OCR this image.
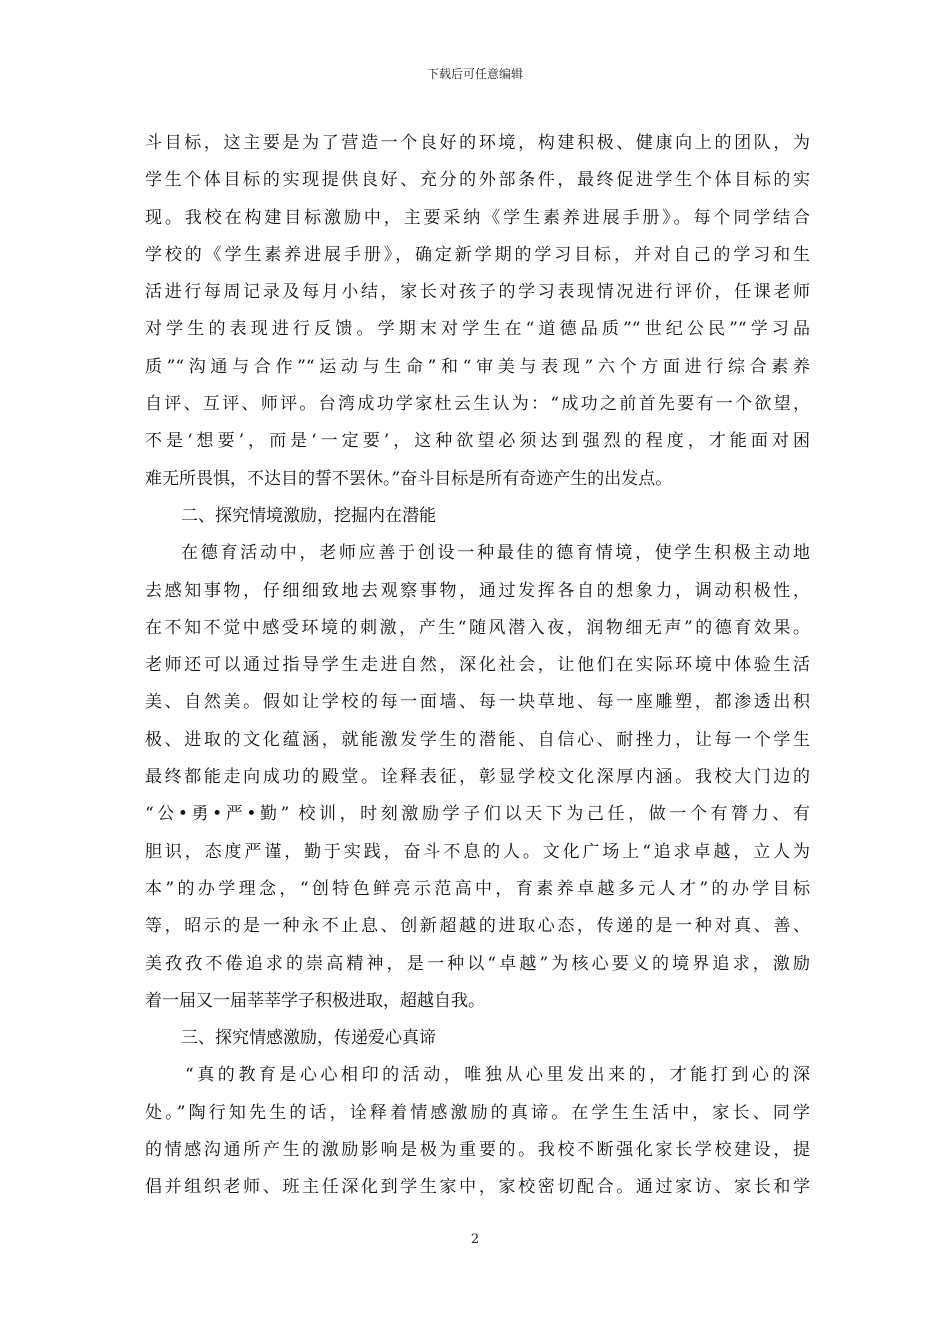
下载后可任意编辑
斗目标，这主要是为了营造一个良好的环境，构建积极、健康向上的团队，为
学生个体目标的实现提供良好、充分的外部条件，最终促进学生个体目标的实
现。我校在构建目标激励中，主要采纳《学生素养进展手册》。每个同学结合
学校的《学生素养进展手册》，确定新学期的学习目标，并对自己的学习和生
活进行每周记录及每月小结，家长对孩子的学习表现情况进行评价，任课老师
对学生的表现进行反馈。学期末对学生在“道德品质”“世纪公民”“学习品
质”“沟通与合作”“运动与生命”和“审美与表现”六个方面进行综合素养
自评、互评、师评。台湾成功学家杜云生认为：“成功之前首先要有一个欲望，
不是‘想要’，而是‘一定要’，这种欲望必须达到强烈的程度，才能面对困
难无所畏惧，不达目的誓不罢休。”奋斗目标是所有奇迹产生的出发点。
二、探究情境激励，挖掘内在潜能
在德育活动中，老师应善于创设一种最佳的德育情境，使学生积极主动地
去感知事物，仔细细致地去观察事物，通过发挥各自的想象力，调动积极性，
在不知不觉中感受环境的刺激，产生“随风潜入夜，润物细无声”的德育效果。
老师还可以通过指导学生走进自然，深化社会，让他们在实际环境中体验生活
美、自然美。假如让学校的每一面墙、每一块草地、每一座雕塑，都渗透出积
极、进取的文化蕴涵，就能激发学生的潜能、自信心、耐挫力，让每一个学生
最终都能走向成功的殿堂。诠释表征，彰显学校文化深厚内涵。我校大门边的
“公•勇•严•勤” 校训，时刻激励学子们以天下为己任，做一个有膂力、有
胆识，态度严谨，勤于实践，奋斗不息的人。文化广场上“追求卓越，立人为
本”的办学理念，“创特色鲜亮示范高中，育素养卓越多元人才”的办学目标
等，昭示的是一种永不止息、创新超越的进取心态，传递的是一种对真、善、
美孜孜不倦追求的崇高精神，是一种以“卓越”为核心要义的境界追求，激励
着一届又一届莘莘学子积极进取，超越自我。
三、探究情感激励，传递爱心真谛
“真的教育是心心相印的活动，唯独从心里发出来的，才能打到心的深
处。”陶行知先生的话，诠释着情感激励的真谛。在学生生活中，家长、同学
的情感沟通所产生的激励影响是极为重要的。我校不断强化家长学校建设，提
倡并组织老师、班主任深化到学生家中，家校密切配合。通过家访、家长和学
2
